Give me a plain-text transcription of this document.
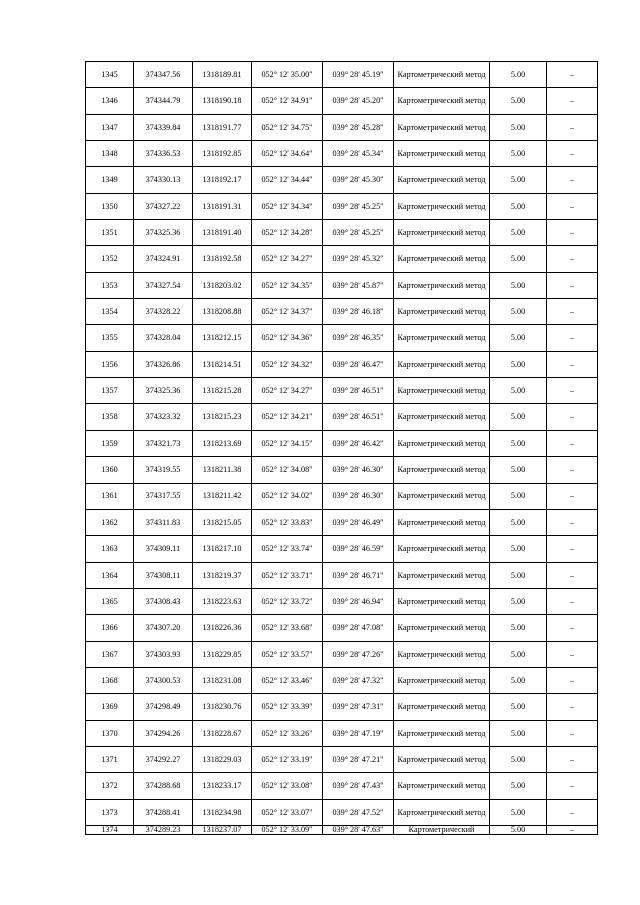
1345	374347.56	1318189.81	052° 12' 35.00"	039° 28' 45.19"	Картометрический метод	5.00	–
1346	374344.79	1318190.18	052° 12' 34.91"	039° 28' 45.20"	Картометрический метод	5.00	–
1347	374339.84	1318191.77	052° 12' 34.75"	039° 28' 45.28"	Картометрический метод	5.00	–
1348	374336.53	1318192.85	052° 12' 34.64"	039° 28' 45.34"	Картометрический метод	5.00	–
1349	374330.13	1318192.17	052° 12' 34.44"	039° 28' 45.30"	Картометрический метод	5.00	–
1350	374327.22	1318191.31	052° 12' 34.34"	039° 28' 45.25"	Картометрический метод	5.00	–
1351	374325.36	1318191.40	052° 12' 34.28"	039° 28' 45.25"	Картометрический метод	5.00	–
1352	374324.91	1318192.58	052° 12' 34.27"	039° 28' 45.32"	Картометрический метод	5.00	–
1353	374327.54	1318203.02	052° 12' 34.35"	039° 28' 45.87"	Картометрический метод	5.00	–
1354	374328.22	1318208.88	052° 12' 34.37"	039° 28' 46.18"	Картометрический метод	5.00	–
1355	374328.04	1318212.15	052° 12' 34.36"	039° 28' 46.35"	Картометрический метод	5.00	–
1356	374326.86	1318214.51	052° 12' 34.32"	039° 28' 46.47"	Картометрический метод	5.00	–
1357	374325.36	1318215.28	052° 12' 34.27"	039° 28' 46.51"	Картометрический метод	5.00	–
1358	374323.32	1318215.23	052° 12' 34.21"	039° 28' 46.51"	Картометрический метод	5.00	–
1359	374321.73	1318213.69	052° 12' 34.15"	039° 28' 46.42"	Картометрический метод	5.00	–
1360	374319.55	1318211.38	052° 12' 34.08"	039° 28' 46.30"	Картометрический метод	5.00	–
1361	374317.55	1318211.42	052° 12' 34.02"	039° 28' 46.30"	Картометрический метод	5.00	–
1362	374311.83	1318215.05	052° 12' 33.83"	039° 28' 46.49"	Картометрический метод	5.00	–
1363	374309.11	1318217.10	052° 12' 33.74"	039° 28' 46.59"	Картометрический метод	5.00	–
1364	374308.11	1318219.37	052° 12' 33.71"	039° 28' 46.71"	Картометрический метод	5.00	–
1365	374308.43	1318223.63	052° 12' 33.72"	039° 28' 46.94"	Картометрический метод	5.00	–
1366	374307.20	1318226.36	052° 12' 33.68"	039° 28' 47.08"	Картометрический метод	5.00	–
1367	374303.93	1318229.85	052° 12' 33.57"	039° 28' 47.26"	Картометрический метод	5.00	–
1368	374300.53	1318231.08	052° 12' 33.46"	039° 28' 47.32"	Картометрический метод	5.00	–
1369	374298.49	1318230.76	052° 12' 33.39"	039° 28' 47.31"	Картометрический метод	5.00	–
1370	374294.26	1318228.67	052° 12' 33.26"	039° 28' 47.19"	Картометрический метод	5.00	–
1371	374292.27	1318229.03	052° 12' 33.19"	039° 28' 47.21"	Картометрический метод	5.00	–
1372	374288.68	1318233.17	052° 12' 33.08"	039° 28' 47.43"	Картометрический метод	5.00	–
1373	374288.41	1318234.98	052° 12' 33.07"	039° 28' 47.52"	Картометрический метод	5.00	–
1374	374289.23	1318237.07	052° 12' 33.09"	039° 28' 47.63"	Картометрический	5.00	–
